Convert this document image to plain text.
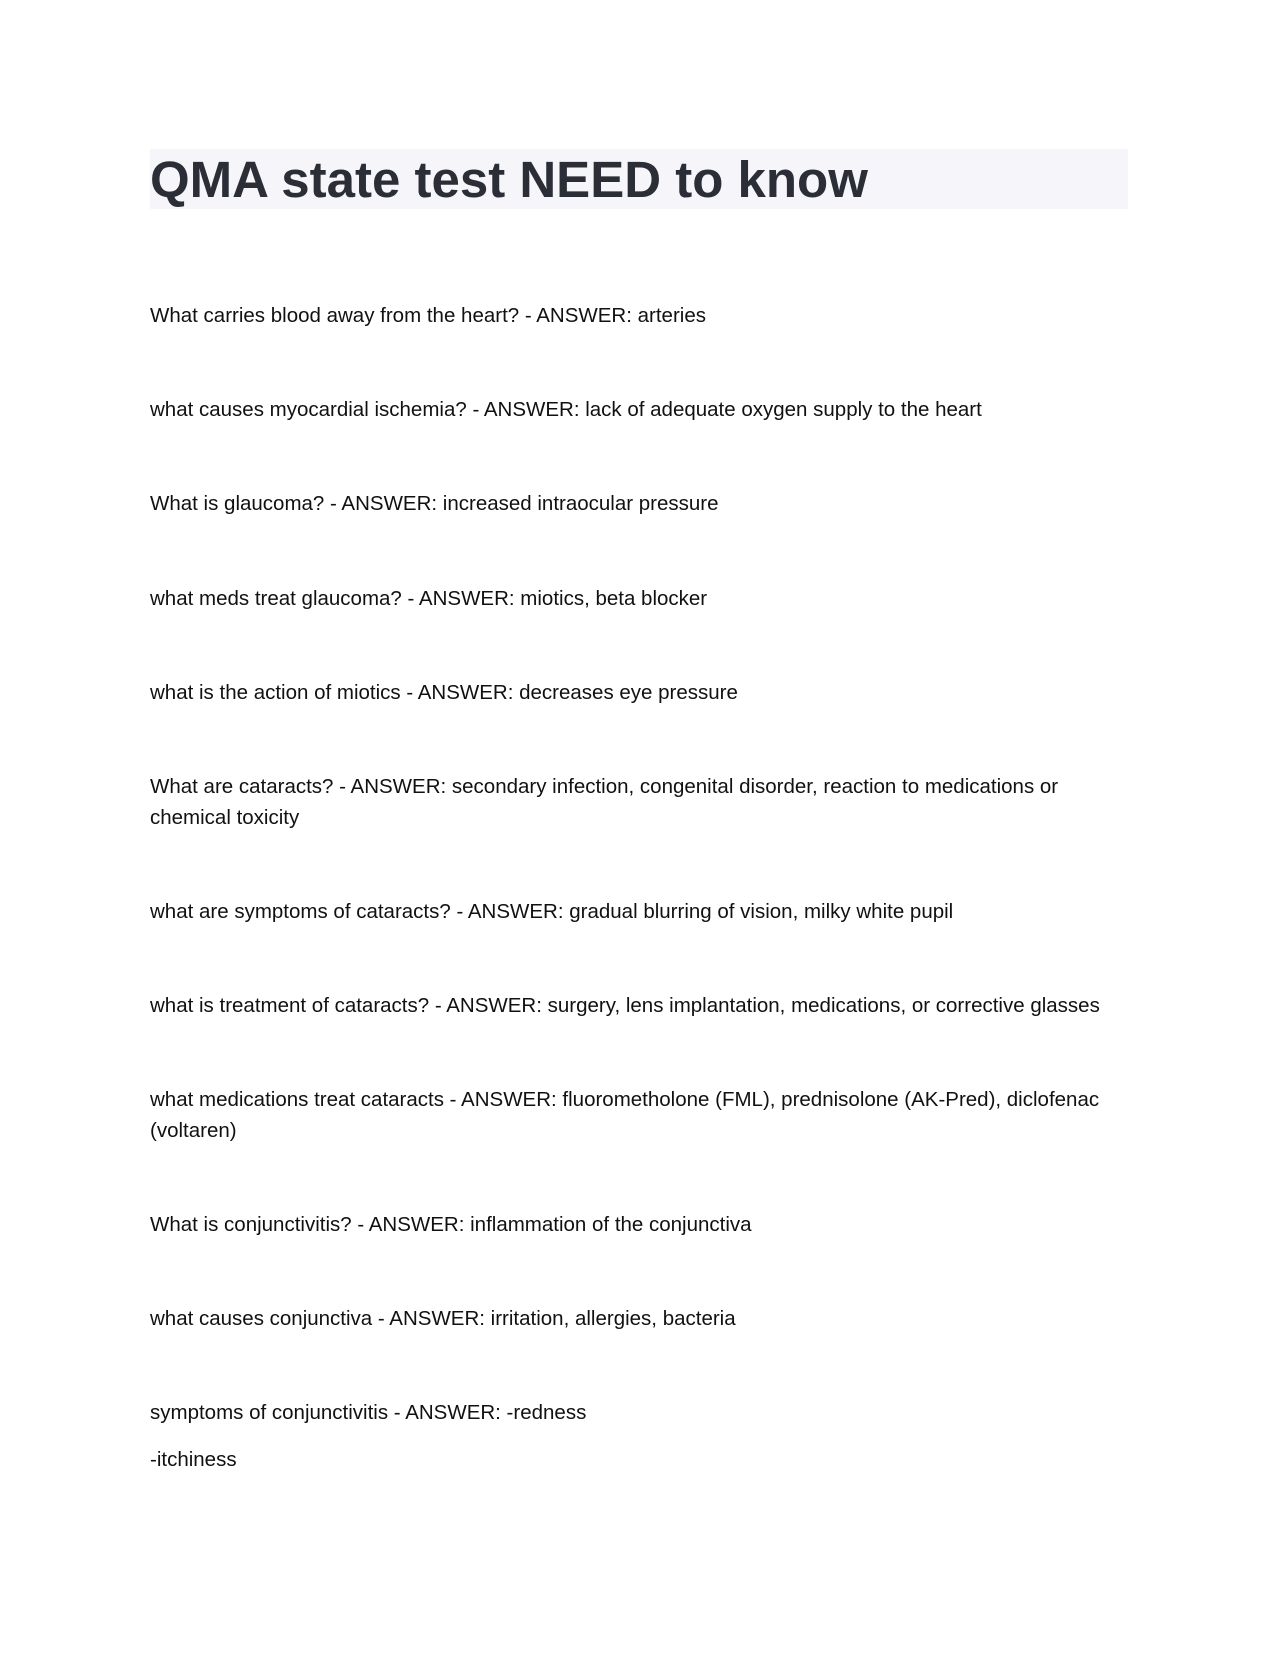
QMA state test NEED to know

What carries blood away from the heart? - ANSWER: arteries

what causes myocardial ischemia? - ANSWER: lack of adequate oxygen supply to the heart

What is glaucoma? - ANSWER: increased intraocular pressure

what meds treat glaucoma? - ANSWER: miotics, beta blocker

what is the action of miotics - ANSWER: decreases eye pressure

What are cataracts? - ANSWER: secondary infection, congenital disorder, reaction to medications or chemical toxicity

what are symptoms of cataracts? - ANSWER: gradual blurring of vision, milky white pupil

what is treatment of cataracts? - ANSWER: surgery, lens implantation, medications, or corrective glasses

what medications treat cataracts - ANSWER: fluorometholone (FML), prednisolone (AK-Pred), diclofenac (voltaren)

What is conjunctivitis? - ANSWER: inflammation of the conjunctiva

what causes conjunctiva - ANSWER: irritation, allergies, bacteria

symptoms of conjunctivitis - ANSWER: -redness

-itchiness
